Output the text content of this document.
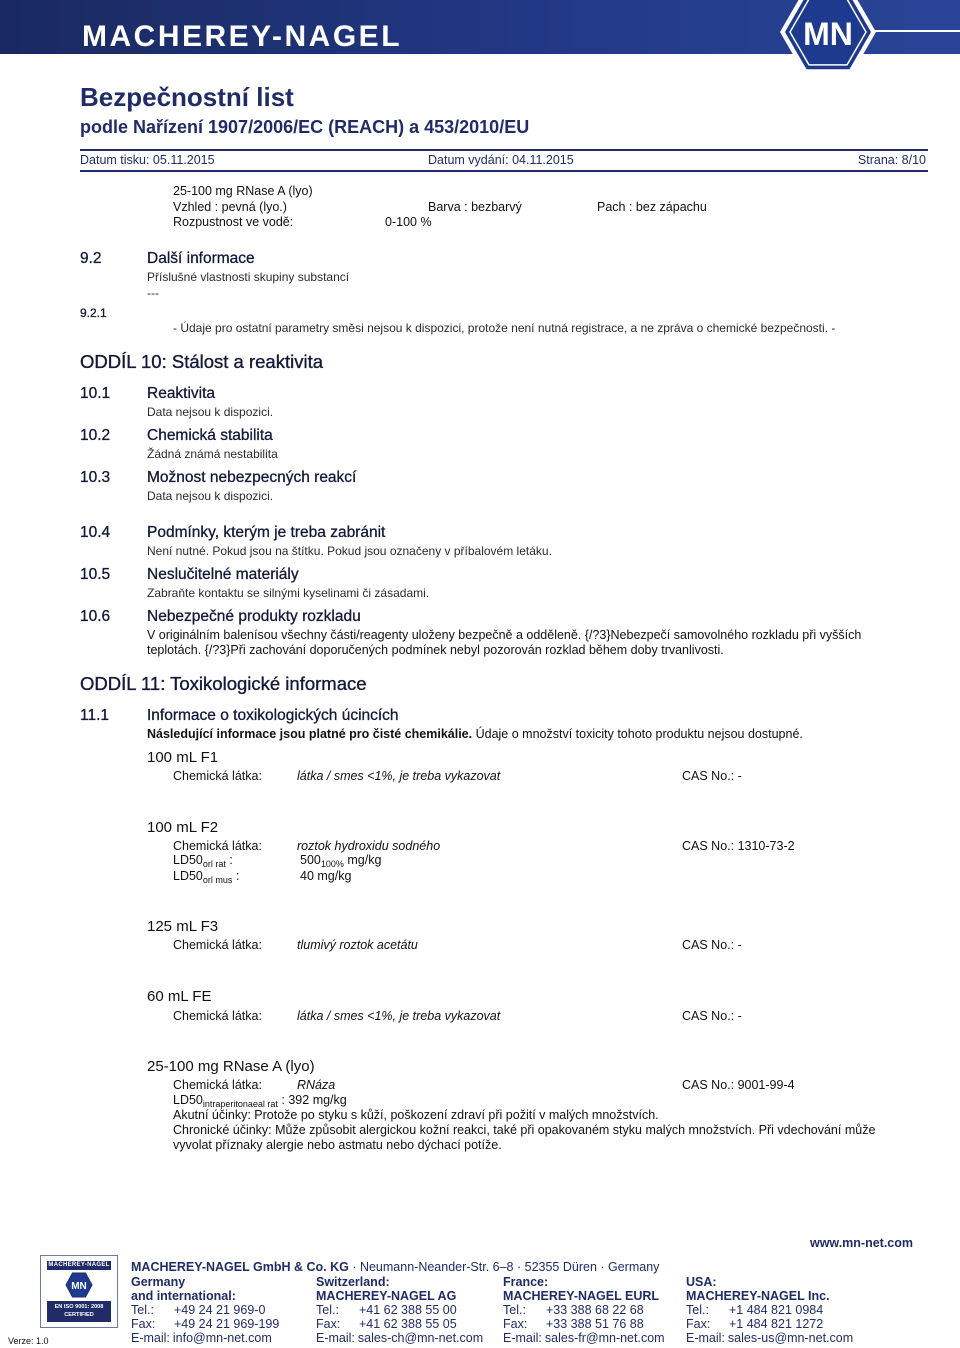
MACHEREY-NAGEL	MN
Bezpečnostní list
podle Nařízení 1907/2006/EC (REACH) a 453/2010/EU
Datum tisku: 05.11.2015	Datum vydání: 04.11.2015	Strana: 8/10
25-100 mg RNase A (lyo)
Vzhled : pevná (lyo.)	Barva : bezbarvý	Pach : bez zápachu
Rozpustnost ve vodě:	0-100 %
9.2	Další informace
Příslušné vlastnosti skupiny substancí
---
9.2.1
- Údaje pro ostatní parametry směsi nejsou k dispozici, protože není nutná registrace, a ne zpráva o chemické bezpečnosti. -
ODDÍL 10: Stálost a reaktivita
10.1 Reaktivita
Data nejsou k dispozici.
10.2 Chemická stabilita
Žádná známá nestabilita
10.3 Možnost nebezpecných reakcí
Data nejsou k dispozici.
10.4 Podmínky, kterým je treba zabránit
Není nutné. Pokud jsou na štítku. Pokud jsou označeny v příbalovém letáku.
10.5 Neslučitelné materiály
Zabraňte kontaktu se silnými kyselinami či zásadami.
10.6 Nebezpečné produkty rozkladu
V originálním balenísou všechny části/reagenty uloženy bezpečně a odděleně. {/?3}Nebezpečí samovolného rozkladu při vyšších
teplotách. {/?3}Při zachování doporučených podmínek nebyl pozorován rozklad během doby trvanlivosti.
ODDÍL 11: Toxikologické informace
11.1 Informace o toxikologických úcincích
Následující informace jsou platné pro čisté chemikálie. Údaje o množství toxicity tohoto produktu nejsou dostupné.
100 mL F1
Chemická látka:	látka / smes <1%, je treba vykazovat	CAS No.: -
100 mL F2
Chemická látka:	roztok hydroxidu sodného	CAS No.: 1310-73-2
$LD50_{orl rat}$ :	$500_{100\%}$ mg/kg
$LD50_{orl mus}$ :	40 mg/kg
125 mL F3
Chemická látka:	tlumivý roztok acetátu	CAS No.: -
60 mL FE
Chemická látka:	látka / smes <1%, je treba vykazovat	CAS No.: -
25-100 mg RNase A (lyo)
Chemická látka:	RNáza	CAS No.: 9001-99-4
$LD50_{intraperitonaeal rat}$ : 392 mg/kg
Akutní účinky: Protože po styku s kůží, poškození zdraví při požití v malých množstvích.
Chronické účinky: Může způsobit alergickou kožní reakci, také při opakovaném styku malých množstvích. Při vdechování může
vyvolat příznaky alergie nebo astmatu nebo dýchací potíže.
www.mn-net.com
MACHEREY-NAGEL
MN
EN ISO 9001: 2008
CERTIFIED
MACHEREY-NAGEL GmbH & Co. KG · Neumann-Neander-Str. 6–8 · 52355 Düren · Germany
Germany
and international:
Tel.: +49 24 21 969-0
Fax: +49 24 21 969-199
E-mail: info@mn-net.com
Switzerland:
MACHEREY-NAGEL AG
Tel.: +41 62 388 55 00
Fax: +41 62 388 55 05
E-mail: sales-ch@mn-net.com
France:
MACHEREY-NAGEL EURL
Tel.: +33 388 68 22 68
Fax: +33 388 51 76 88
E-mail: sales-fr@mn-net.com
USA:
MACHEREY-NAGEL Inc.
Tel.: +1 484 821 0984
Fax: +1 484 821 1272
E-mail: sales-us@mn-net.com
Verze: 1.0
